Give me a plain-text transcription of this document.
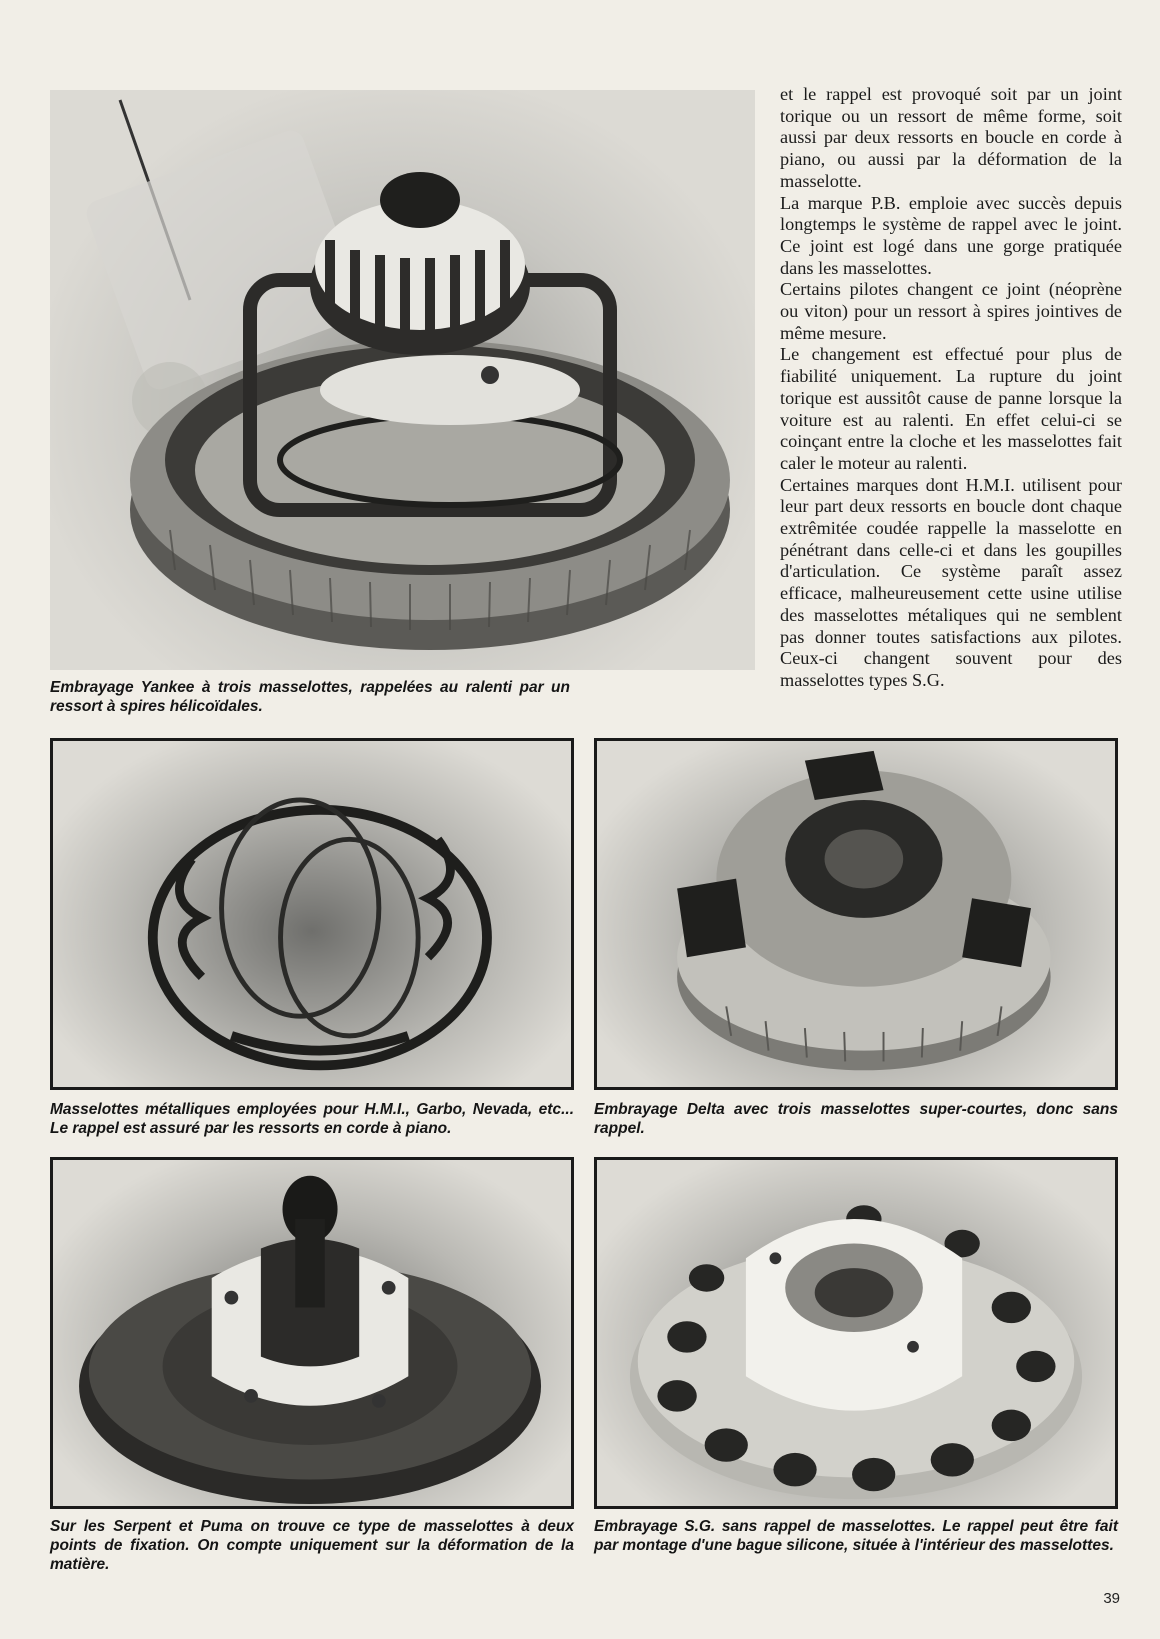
Embrayage Yankee à trois masselottes, rappelées au ralenti par un ressort à spires hélicoïdales.

et le rappel est provoqué soit par un joint torique ou un ressort de même forme, soit aussi par deux ressorts en boucle en corde à piano, ou aussi par la déformation de la masselotte.

La marque P.B. emploie avec succès depuis longtemps le système de rappel avec le joint. Ce joint est logé dans une gorge pratiquée dans les masselottes.

Certains pilotes changent ce joint (néoprène ou viton) pour un ressort à spires jointives de même mesure.

Le changement est effectué pour plus de fiabilité uniquement. La rupture du joint torique est aussitôt cause de panne lorsque la voiture est au ralenti. En effet celui-ci se coinçant entre la cloche et les masselottes fait caler le moteur au ralenti.

Certaines marques dont H.M.I. utilisent pour leur part deux ressorts en boucle dont chaque extrêmitée coudée rappelle la masselotte en pénétrant dans celle-ci et dans les goupilles d'articulation. Ce système paraît assez efficace, malheureusement cette usine utilise des masselottes métaliques qui ne semblent pas donner toutes satisfactions aux pilotes. Ceux-ci changent souvent pour des masselottes types S.G.

Masselottes métalliques employées pour H.M.I., Garbo, Nevada, etc... Le rappel est assuré par les ressorts en corde à piano.
Embrayage Delta avec trois masselottes super-courtes, donc sans rappel.
Sur les Serpent et Puma on trouve ce type de masselottes à deux points de fixation. On compte uniquement sur la déformation de la matière.
Embrayage S.G. sans rappel de masselottes. Le rappel peut être fait par montage d'une bague silicone, située à l'intérieur des masselottes.
39
